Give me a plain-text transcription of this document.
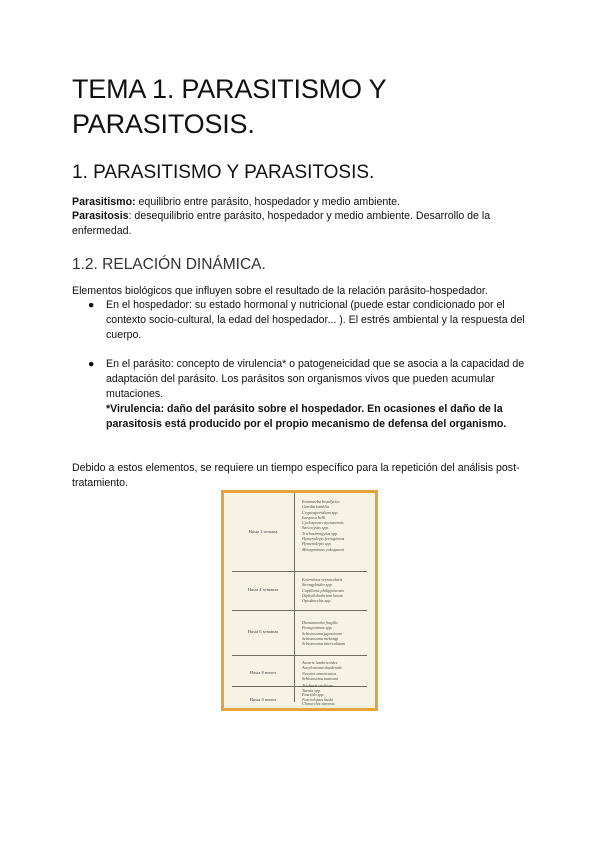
TEMA 1. PARASITISMO Y PARASITOSIS.
1. PARASITISMO Y PARASITOSIS.

Parasitismo: equilibrio entre parásito, hospedador y medio ambiente.

Parasitosis: desequilibrio entre parásito, hospedador y medio ambiente. Desarrollo de la enfermedad.

1.2. RELACIÓN DINÁMICA.

Elementos biológicos que influyen sobre el resultado de la relación parásito-hospedador.

● En el hospedador: su estado hormonal y nutricional (puede estar condicionado por el contexto socio-cultural, la edad del hospedador... ). El estrés ambiental y la respuesta del cuerpo.
● En el parásito: concepto de virulencia* o patogeneicidad que se asocia a la capacidad de adaptación del parásito. Los parásitos son organismos vivos que pueden acumular mutaciones.
*Virulencia: daño del parásito sobre el hospedador. En ocasiones el daño de la parasitosis está producido por el propio mecanismo de defensa del organismo.

Debido a estos elementos, se requiere un tiempo específico para la repetición del análisis post-tratamiento.

Hasta 1 semana
Entamoeba histolytica
Giardia lamblia
Cryptosporidium spp.
Isospora belli
Cyclospora cayetanensis
Sarcocystis spp.
Trichostrongylus spp.
Hymenolepis ferrugineus
Hymenolepis spp.
Metagonimus yokogawai
Hasta 4 semanas
Enterobius vermicularis
Strongyloides spp.
Capillaria philippinensis
Diphyllobothrium latum
Opisthorchis spp.
Hasta 6 semanas
Dientamoeba fragilis
Paragonimus spp.
Schistosoma japonicum
Schistosoma mekongi
Schistosoma intercalatum
Hasta 8 meses
Ascaris lumbricoides
Ancylostoma duodenale
Necator americanus
Schistosoma mansoni
Hasta 3 meses
Trichuris trichiura
Taenia spp.
Fasciola spp.
Fasciolopsis buski
Clonorchis sinensis
